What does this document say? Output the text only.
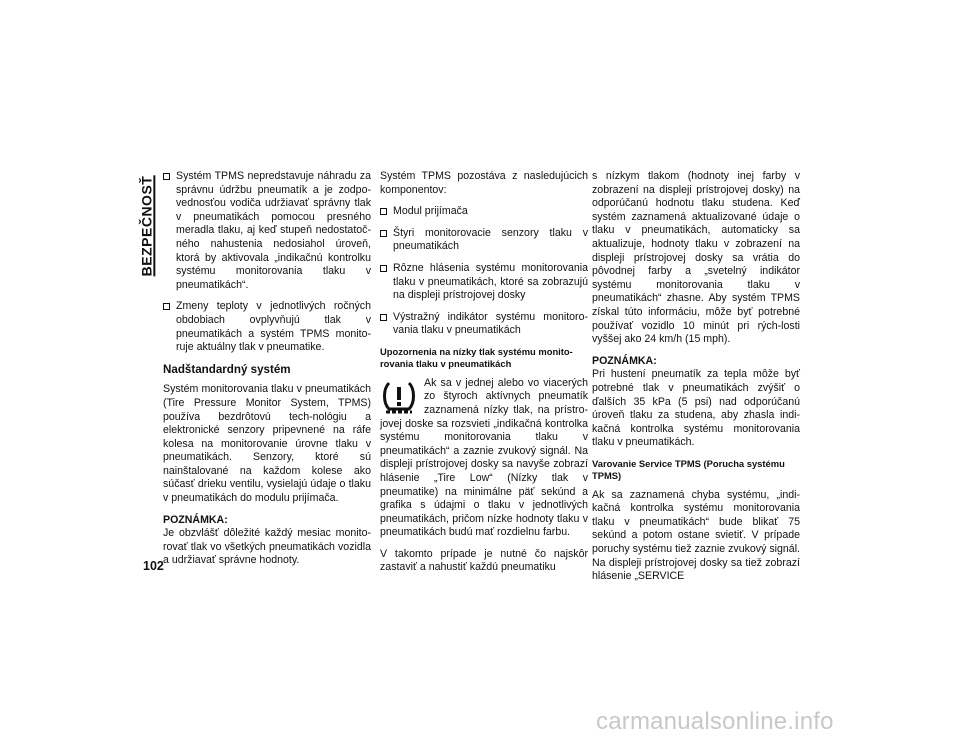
BEZPEČNOSŤ	Systém TPMS nepredstavuje náhradu za správnu údržbu pneumatík a je zodpo-vednosťou vodiča udržiavať správny tlak v pneumatikách pomocou presného meradla tlaku, aj keď stupeň nedostatoč-ného nahustenia nedosiahol úroveň, ktorá by aktivovala „indikačnú kontrolku systému monitorovania tlaku v pneumatikách“.
Zmeny teploty v jednotlivých ročných obdobiach ovplyvňujú tlak v pneumatikách a systém TPMS monito-ruje aktuálny tlak v pneumatike.
Nadštandardný systém

Systém monitorovania tlaku v pneumatikách (Tire Pressure Monitor System, TPMS) používa bezdrôtovú tech-nológiu a elektronické senzory pripevnené na ráfe kolesa na monitorovanie úrovne tlaku v pneumatikách. Senzory, ktoré sú nainštalované na každom kolese ako súčasť drieku ventilu, vysielajú údaje o tlaku v pneumatikách do modulu prijímača.

POZNÁMKA:

Je obzvlášť dôležité každý mesiac monito-rovať tlak vo všetkých pneumatikách vozidla a udržiavať správne hodnoty.

Systém TPMS pozostáva z nasledujúcich komponentov:

Modul prijímača
Štyri monitorovacie senzory tlaku v pneumatikách
Rôzne hlásenia systému monitorovania tlaku v pneumatikách, ktoré sa zobrazujú na displeji prístrojovej dosky
Výstražný indikátor systému monitoro-vania tlaku v pneumatikách
Upozornenia na nízky tlak systému monito-rovania tlaku v pneumatikách

Ak sa v jednej alebo vo viacerých zo štyroch aktívnych pneumatík zaznamená nízky tlak, na prístro-jovej doske sa rozsvieti „indikačná kontrolka systému monitorovania tlaku v pneumatikách“ a zaznie zvukový signál. Na displeji prístrojovej dosky sa navyše zobrazí hlásenie „Tire Low“ (Nízky tlak v pneumatike) na minimálne päť sekúnd a grafika s údajmi o tlaku v jednotlivých pneumatikách, pričom nízke hodnoty tlaku v pneumatikách budú mať rozdielnu farbu.

V takomto prípade je nutné čo najskôr zastaviť a nahustiť každú pneumatiku

s nízkym tlakom (hodnoty inej farby v zobrazení na displeji prístrojovej dosky) na odporúčanú hodnotu tlaku studena. Keď systém zaznamená aktualizované údaje o tlaku v pneumatikách, automaticky sa aktualizuje, hodnoty tlaku v zobrazení na displeji prístrojovej dosky sa vrátia do pôvodnej farby a „svetelný indikátor systému monitorovania tlaku v pneumatikách“ zhasne. Aby systém TPMS získal túto informáciu, môže byť potrebné používať vozidlo 10 minút pri rých-losti vyššej ako 24 km/h (15 mph).

POZNÁMKA:

Pri hustení pneumatík za tepla môže byť potrebné tlak v pneumatikách zvýšiť o ďalších 35 kPa (5 psi) nad odporúčanú úroveň tlaku za studena, aby zhasla indi-kačná kontrolka systému monitorovania tlaku v pneumatikách.

Varovanie Service TPMS (Porucha systému TPMS)

Ak sa zaznamená chyba systému, „indi-kačná kontrolka systému monitorovania tlaku v pneumatikách“ bude blikať 75 sekúnd a potom ostane svietiť. V prípade poruchy systému tiež zaznie zvukový signál. Na displeji prístrojovej dosky sa tiež zobrazí hlásenie „SERVICE

102
carmanualsonline.info
